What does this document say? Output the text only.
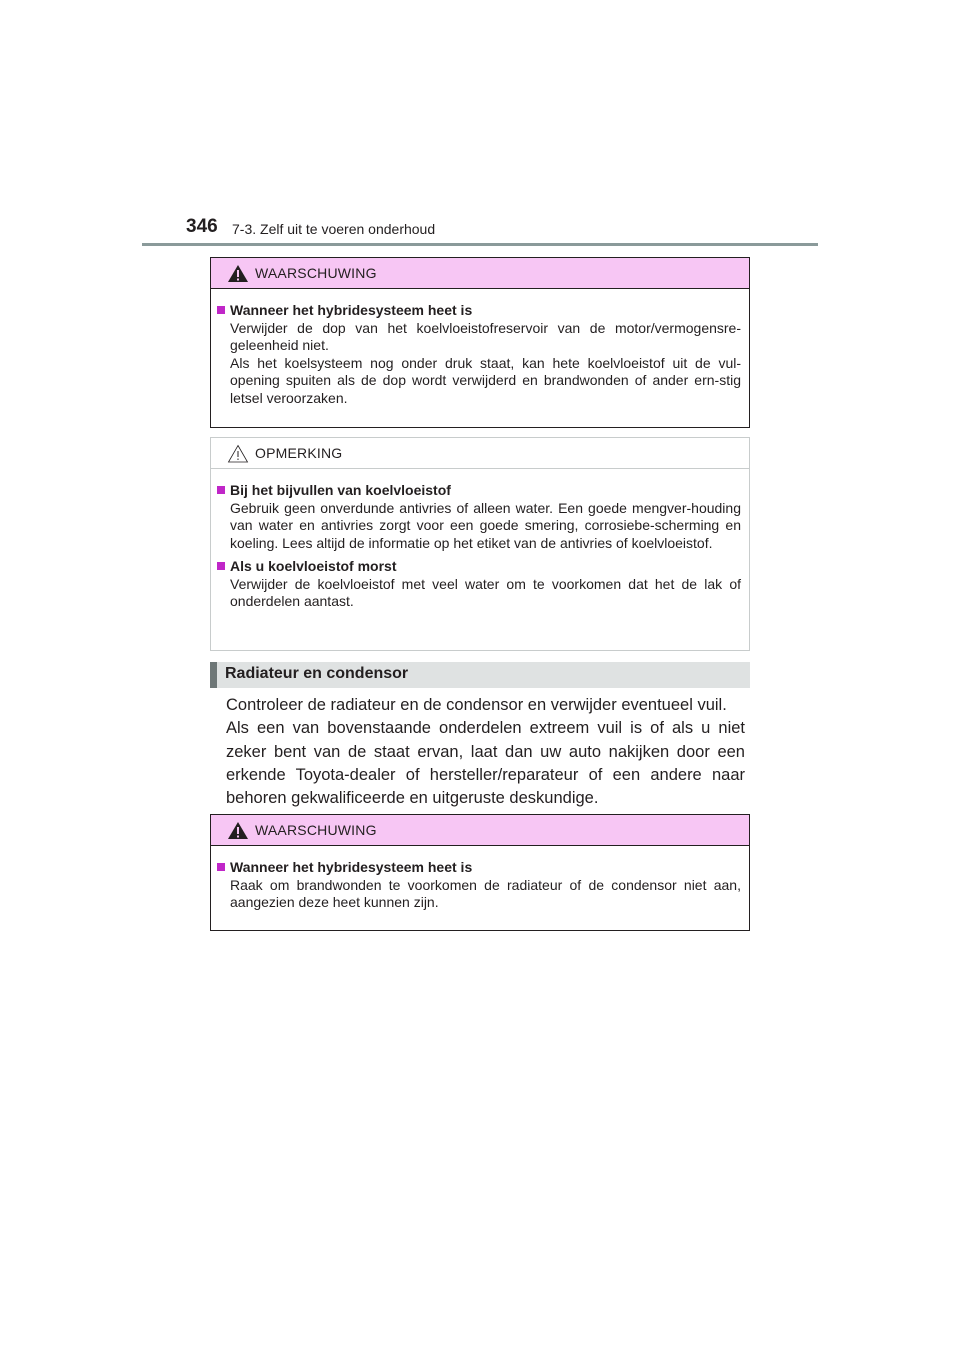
346 7-3. Zelf uit te voeren onderhoud
WAARSCHUWING
Wanneer het hybridesysteem heet is

Verwijder de dop van het koelvloeistofreservoir van de motor/vermogensre-geleenheid niet.

Als het koelsysteem nog onder druk staat, kan hete koelvloeistof uit de vul-opening spuiten als de dop wordt verwijderd en brandwonden of ander ern-stig letsel veroorzaken.

OPMERKING
Bij het bijvullen van koelvloeistof

Gebruik geen onverdunde antivries of alleen water. Een goede mengver-houding van water en antivries zorgt voor een goede smering, corrosiebe-scherming en koeling. Lees altijd de informatie op het etiket van de antivries of koelvloeistof.

Als u koelvloeistof morst

Verwijder de koelvloeistof met veel water om te voorkomen dat het de lak of onderdelen aantast.

Radiateur en condensor

Controleer de radiateur en de condensor en verwijder eventueel vuil.

Als een van bovenstaande onderdelen extreem vuil is of als u niet zeker bent van de staat ervan, laat dan uw auto nakijken door een erkende Toyota-dealer of hersteller/reparateur of een andere naar behoren gekwalificeerde en uitgeruste deskundige.

WAARSCHUWING
Wanneer het hybridesysteem heet is

Raak om brandwonden te voorkomen de radiateur of de condensor niet aan, aangezien deze heet kunnen zijn.
